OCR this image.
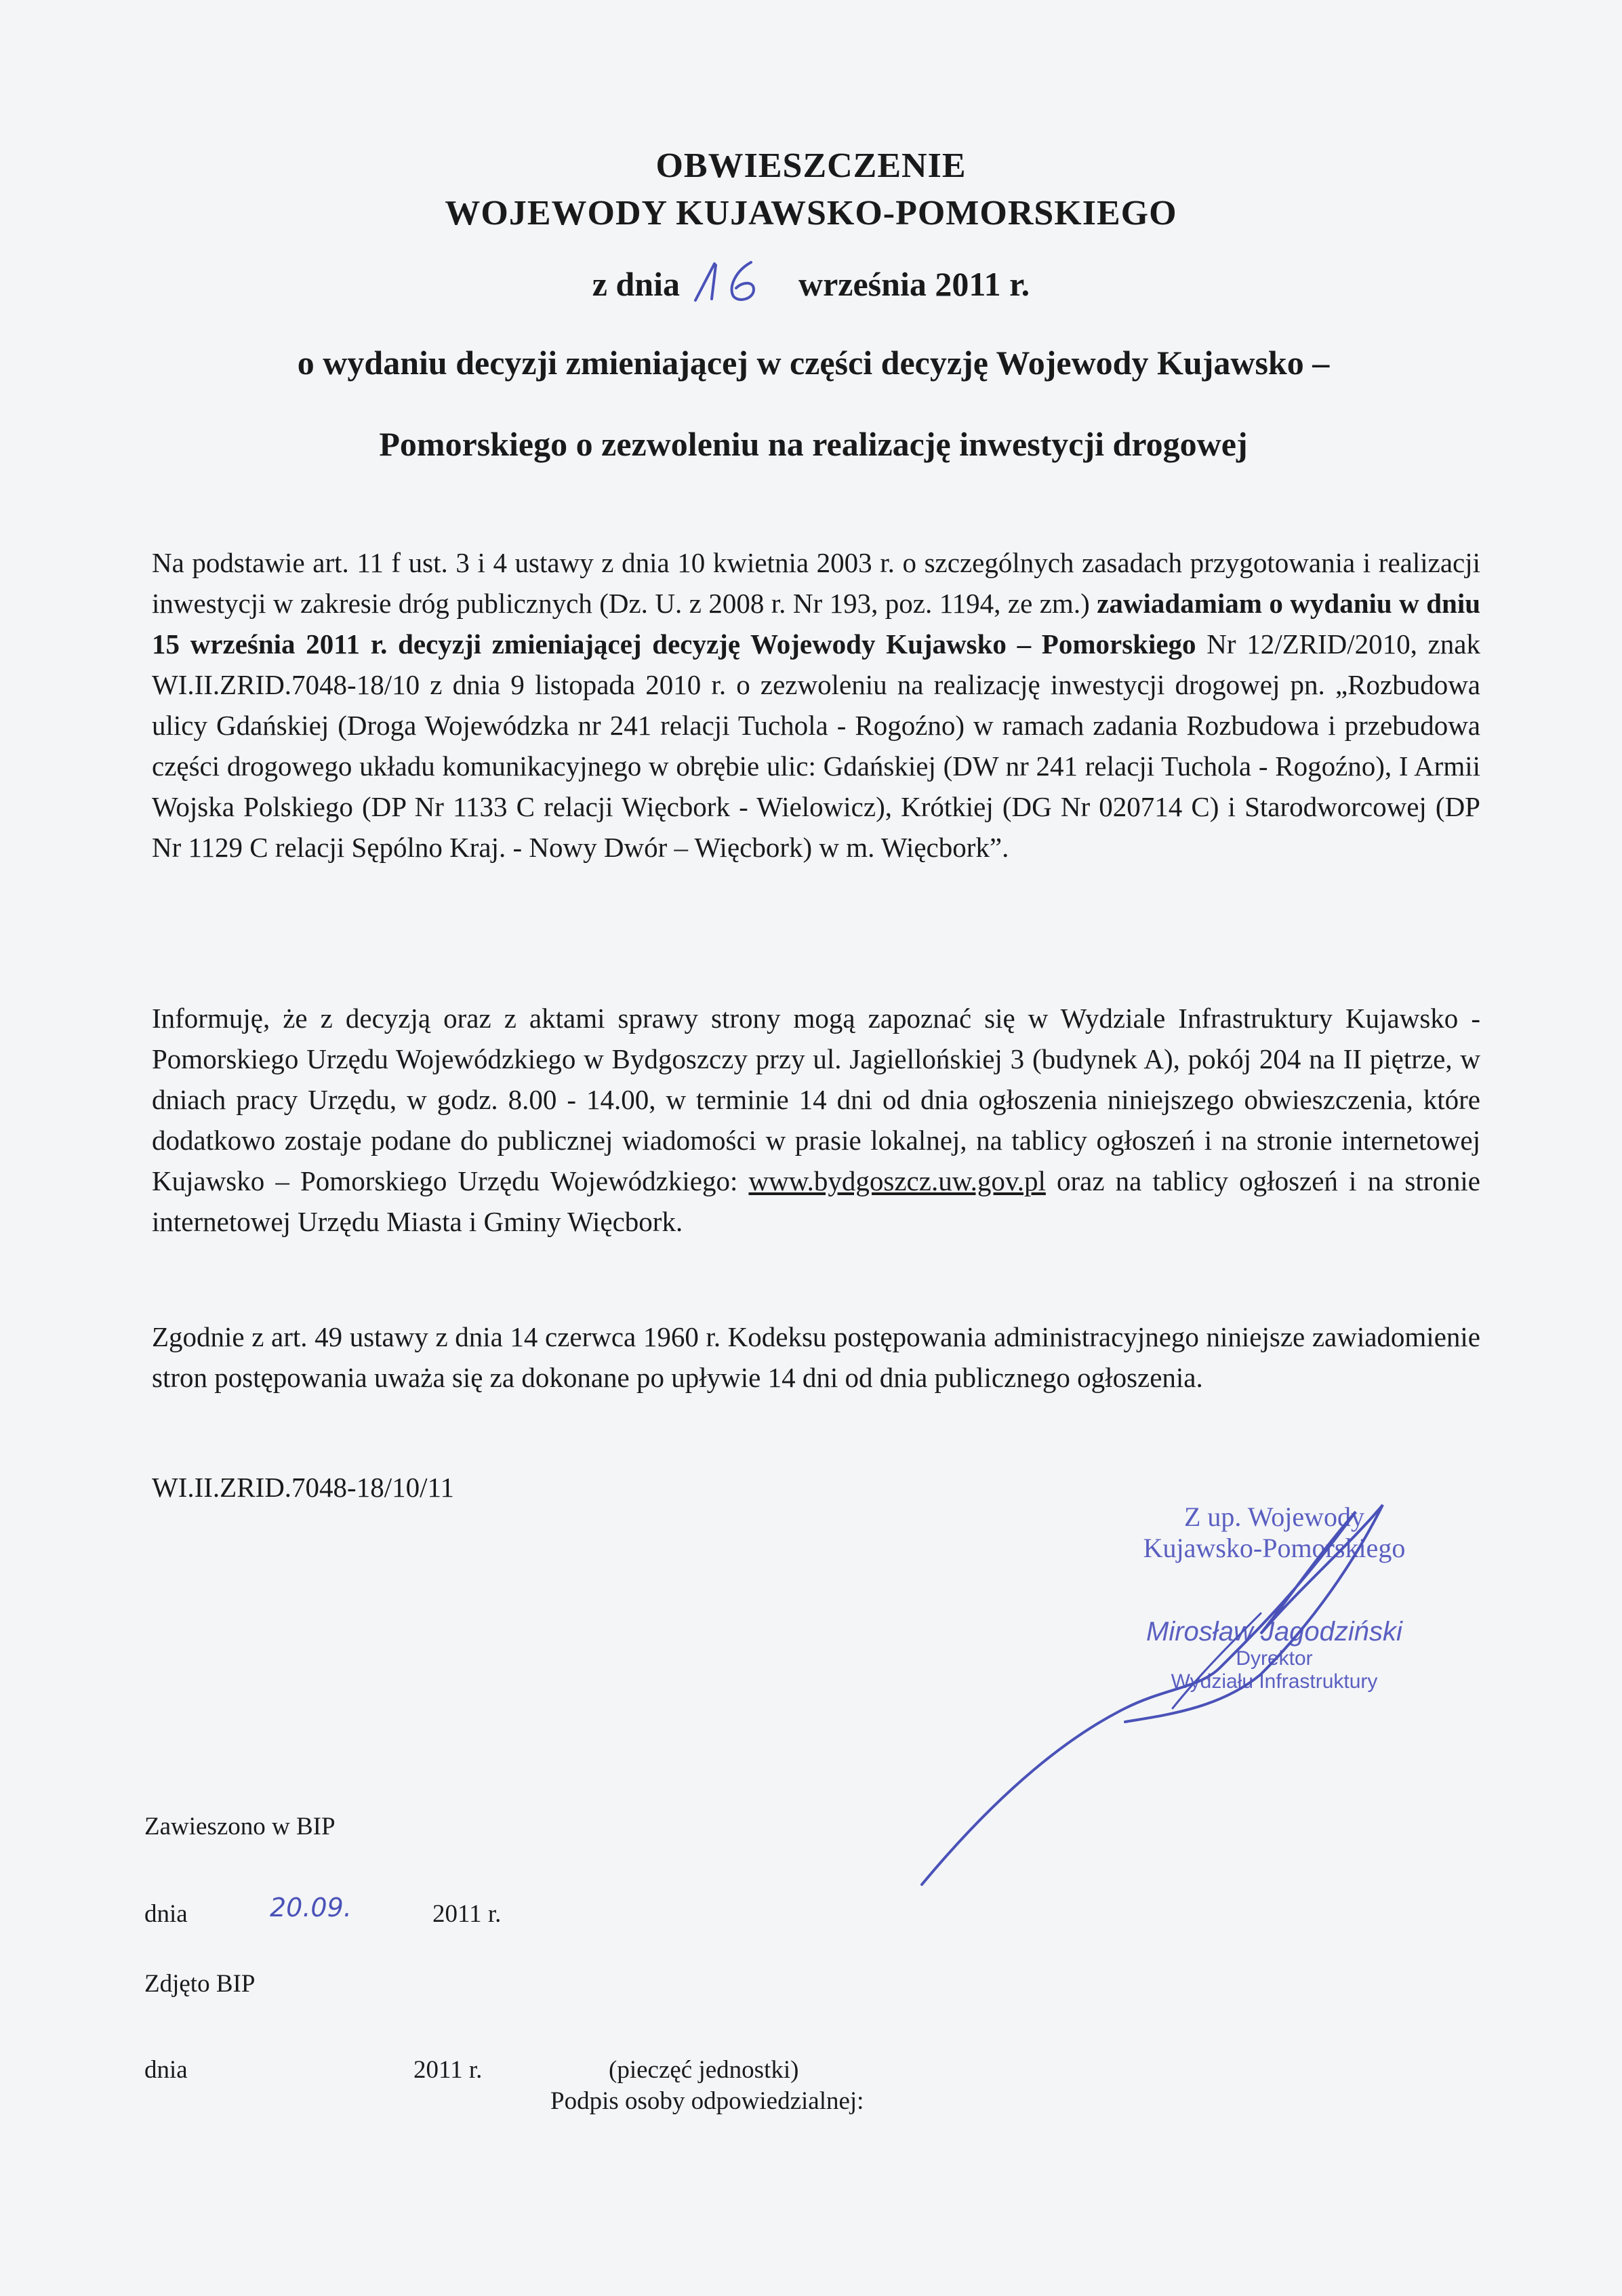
OBWIESZCZENIE
WOJEWODY KUJAWSKO-POMORSKIEGO
z dnia	września 2011 r.
o wydaniu decyzji zmieniającej w części decyzję Wojewody Kujawsko –
Pomorskiego o zezwoleniu na realizację inwestycji drogowej
Na podstawie art. 11 f ust. 3 i 4 ustawy z dnia 10 kwietnia 2003 r. o szczególnych zasadach przygotowania i realizacji inwestycji w zakresie dróg publicznych (Dz. U. z 2008 r. Nr 193, poz. 1194, ze zm.) zawiadamiam o wydaniu w dniu 15 września 2011 r. decyzji zmieniającej decyzję Wojewody Kujawsko – Pomorskiego Nr 12/ZRID/2010, znak WI.II.ZRID.7048-18/10 z dnia 9 listopada 2010 r. o zezwoleniu na realizację inwestycji drogowej pn. „Rozbudowa ulicy Gdańskiej (Droga Wojewódzka nr 241 relacji Tuchola - Rogoźno) w ramach zadania Rozbudowa i przebudowa części drogowego układu komunikacyjnego w obrębie ulic: Gdańskiej (DW nr 241 relacji Tuchola - Rogoźno), I Armii Wojska Polskiego (DP Nr 1133 C relacji Więcbork - Wielowicz), Krótkiej (DG Nr 020714 C) i Starodworcowej (DP Nr 1129 C relacji Sępólno Kraj. - Nowy Dwór – Więcbork) w m. Więcbork”.
Informuję, że z decyzją oraz z aktami sprawy strony mogą zapoznać się w Wydziale Infrastruktury Kujawsko - Pomorskiego Urzędu Wojewódzkiego w Bydgoszczy przy ul. Jagiellońskiej 3 (budynek A), pokój 204 na II piętrze, w dniach pracy Urzędu, w godz. 8.00 - 14.00, w terminie 14 dni od dnia ogłoszenia niniejszego obwieszczenia, które dodatkowo zostaje podane do publicznej wiadomości w prasie lokalnej, na tablicy ogłoszeń i na stronie internetowej Kujawsko – Pomorskiego Urzędu Wojewódzkiego: www.bydgoszcz.uw.gov.pl oraz na tablicy ogłoszeń i na stronie internetowej Urzędu Miasta i Gminy Więcbork.
Zgodnie z art. 49 ustawy z dnia 14 czerwca 1960 r. Kodeksu postępowania administracyjnego niniejsze zawiadomienie stron postępowania uważa się za dokonane po upływie 14 dni od dnia publicznego ogłoszenia.
WI.II.ZRID.7048-18/10/11
Z up. Wojewody
Kujawsko-Pomorskiego
Mirosław Jagodziński
Dyrektor
Wydziału Infrastruktury
Zawieszono w BIP
dnia	20.09.	2011 r.
Zdjęto BIP
dnia	2011 r.	(pieczęć jednostki)
Podpis osoby odpowiedzialnej:
